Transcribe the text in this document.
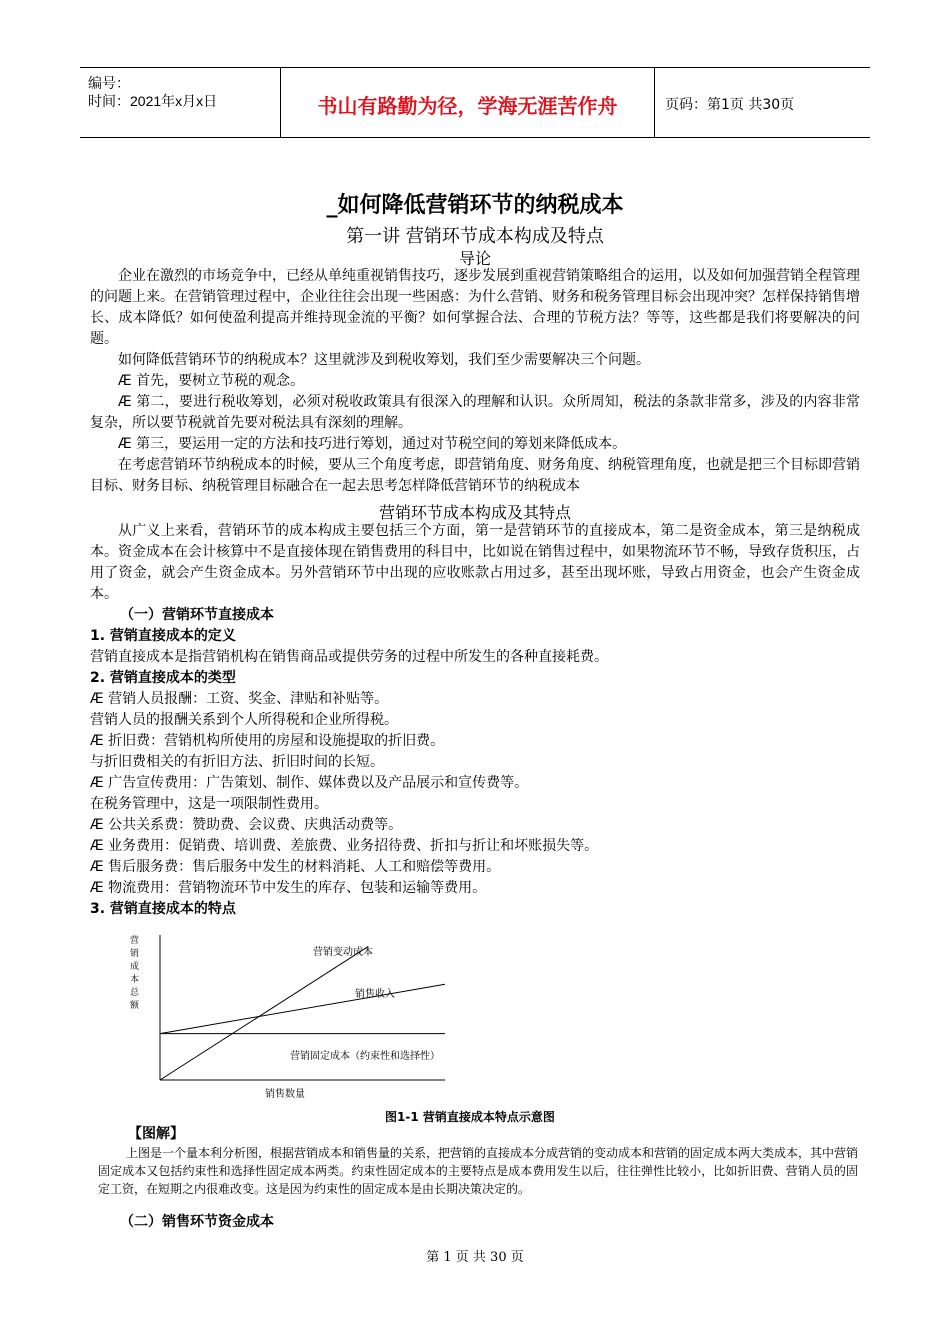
编号：
时间：2021年x月x日	书山有路勤为径，学海无涯苦作舟	页码：第1页 共30页
_如何降低营销环节的纳税成本
第一讲 营销环节成本构成及特点
导论

企业在激烈的市场竞争中，已经从单纯重视销售技巧，逐步发展到重视营销策略组合的运用，以及如何加强营销全程管理的问题上来。在营销管理过程中，企业往往会出现一些困惑：为什么营销、财务和税务管理目标会出现冲突？怎样保持销售增长、成本降低？如何使盈利提高并维持现金流的平衡？如何掌握合法、合理的节税方法？等等，这些都是我们将要解决的问题。

如何降低营销环节的纳税成本？这里就涉及到税收筹划，我们至少需要解决三个问题。

Æ 首先，要树立节税的观念。

Æ 第二，要进行税收筹划，必须对税收政策具有很深入的理解和认识。众所周知，税法的条款非常多，涉及的内容非常复杂，所以要节税就首先要对税法具有深刻的理解。

Æ 第三，要运用一定的方法和技巧进行筹划，通过对节税空间的筹划来降低成本。

在考虑营销环节纳税成本的时候，要从三个角度考虑，即营销角度、财务角度、纳税管理角度，也就是把三个目标即营销目标、财务目标、纳税管理目标融合在一起去思考怎样降低营销环节的纳税成本

营销环节成本构成及其特点

从广义上来看，营销环节的成本构成主要包括三个方面，第一是营销环节的直接成本，第二是资金成本，第三是纳税成本。资金成本在会计核算中不是直接体现在销售费用的科目中，比如说在销售过程中，如果物流环节不畅，导致存货积压，占用了资金，就会产生资金成本。另外营销环节中出现的应收账款占用过多，甚至出现坏账，导致占用资金，也会产生资金成本。

（一）营销环节直接成本

1. 营销直接成本的定义

营销直接成本是指营销机构在销售商品或提供劳务的过程中所发生的各种直接耗费。

2. 营销直接成本的类型

Æ 营销人员报酬：工资、奖金、津贴和补贴等。

营销人员的报酬关系到个人所得税和企业所得税。

Æ 折旧费：营销机构所使用的房屋和设施提取的折旧费。

与折旧费相关的有折旧方法、折旧时间的长短。

Æ 广告宣传费用：广告策划、制作、媒体费以及产品展示和宣传费等。

在税务管理中，这是一项限制性费用。

Æ 公共关系费：赞助费、会议费、庆典活动费等。

Æ 业务费用：促销费、培训费、差旅费、业务招待费、折扣与折让和坏账损失等。

Æ 售后服务费：售后服务中发生的材料消耗、人工和赔偿等费用。

Æ 物流费用：营销物流环节中发生的库存、包装和运输等费用。

3. 营销直接成本的特点

营销成本总额
营销变动成本
销售收入
营销固定成本（约束性和选择性）
销售数量
图1-1 营销直接成本特点示意图

【图解】

上图是一个量本利分析图，根据营销成本和销售量的关系，把营销的直接成本分成营销的变动成本和营销的固定成本两大类成本，其中营销固定成本又包括约束性和选择性固定成本两类。约束性固定成本的主要特点是成本费用发生以后，往往弹性比较小，比如折旧费、营销人员的固定工资，在短期之内很难改变。这是因为约束性的固定成本是由长期决策决定的。

（二）销售环节资金成本

第 1 页 共 30 页
